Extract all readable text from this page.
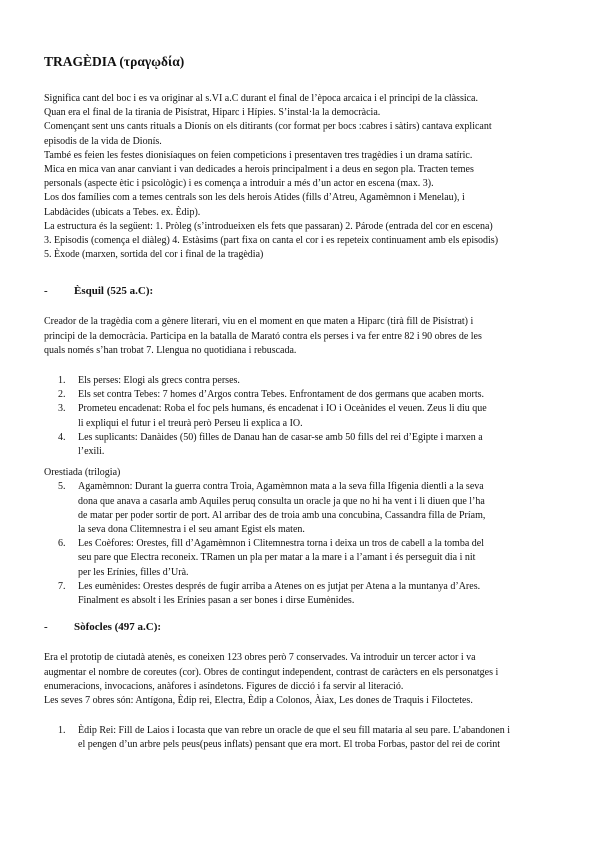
TRAGÈDIA (τραγῳδία)
Significa cant del boc i es va originar al s.VI a.C durant el final de l’època arcaica i el principi de la clàssica.
Quan era el final de la tirania de Pisístrat, Hiparc i Hípies. S’instal·la la democràcia.
Començant sent uns cants rituals a Dionís on els ditirants (cor format per bocs :cabres i sàtirs) cantava explicant
episodis de la vida de Dionís.
També es feien les festes dionisíaques on feien competicions i presentaven tres tragèdies i un drama satíric.
Mica en mica van anar canviant i van dedicades a herois principalment i a deus en segon pla. Tracten temes
personals (aspecte ètic i psicològic) i es comença a introduir a més d’un actor en escena (max. 3).
Los dos famílies com a temes centrals son les dels herois Atides (fills d’Atreu, Agamèmnon i Menelau), i
Labdàcides (ubicats a Tebes. ex. Èdip).
La estructura és la següent: 1. Pròleg (s’introdueixen els fets que passaran) 2. Párode (entrada del cor en escena)
3. Episodis (comença el diàleg) 4. Estàsims (part fixa on canta el cor i es repeteix continuament amb els episodis)
5. Èxode (marxen, sortida del cor i final de la tragèdia)
- Èsquil (525 a.C):
Creador de la tragèdia com a gènere literari, viu en el moment en que maten a Hiparc (tirà fill de Pisístrat) i
principi de la democràcia. Participa en la batalla de Marató contra els perses i va fer entre 82 i 90 obres de les
quals només s’han trobat 7. Llengua no quotidiana i rebuscada.
1. Els perses: Elogi als grecs contra perses.
2. Els set contra Tebes: 7 homes d’Argos contra Tebes. Enfrontament de dos germans que acaben morts.
3. Prometeu encadenat: Roba el foc pels humans, és encadenat i IO i Oceànides el veuen. Zeus li diu que
li expliqui el futur i el treurà però Perseu li explica a IO.
4. Les suplicants: Danàides (50) filles de Danau han de casar-se amb 50 fills del rei d’Egipte i marxen a
l’exili.
Orestiada (trilogia)
5. Agamèmnon: Durant la guerra contra Troia, Agamèmnon mata a la seva filla Ifigenia dientli a la seva
dona que anava a casarla amb Aquiles peruq consulta un oracle ja que no hi ha vent i li diuen que l’ha
de matar per poder sortir de port. Al arribar des de troia amb una concubina, Cassandra filla de Príam,
la seva dona Clitemnestra i el seu amant Egist els maten.
6. Les Coèfores: Orestes, fill d’Agamèmnon i Clitemnestra torna i deixa un tros de cabell a la tomba del
seu pare que Electra reconeix. TRamen un pla per matar a la mare i a l’amant i és perseguit dia i nit
per les Erínies, filles d’Urà.
7. Les eumènides: Orestes després de fugir arriba a Atenes on es jutjat per Atena a la muntanya d’Ares.
Finalment es absolt i les Erínies pasan a ser bones i dirse Eumènides.
- Sòfocles (497 a.C):
Era el prototip de ciutadà atenès, es coneixen 123 obres però 7 conservades. Va introduir un tercer actor i va
augmentar el nombre de coreutes (cor). Obres de contingut independent, contrast de caràcters en els personatges i
enumeracions, invocacions, anàfores i asíndetons. Figures de dicció i fa servir al literació.
Les seves 7 obres són: Antígona, Èdip rei, Electra, Èdip a Colonos, Àiax, Les dones de Traquis i Filoctetes.
1. Èdip Rei: Fill de Laios i Iocasta que van rebre un oracle de que el seu fill mataria al seu pare. L’abandonen i
el pengen d’un arbre pels peus(peus inflats) pensant que era mort. El troba Forbas, pastor del rei de corint
